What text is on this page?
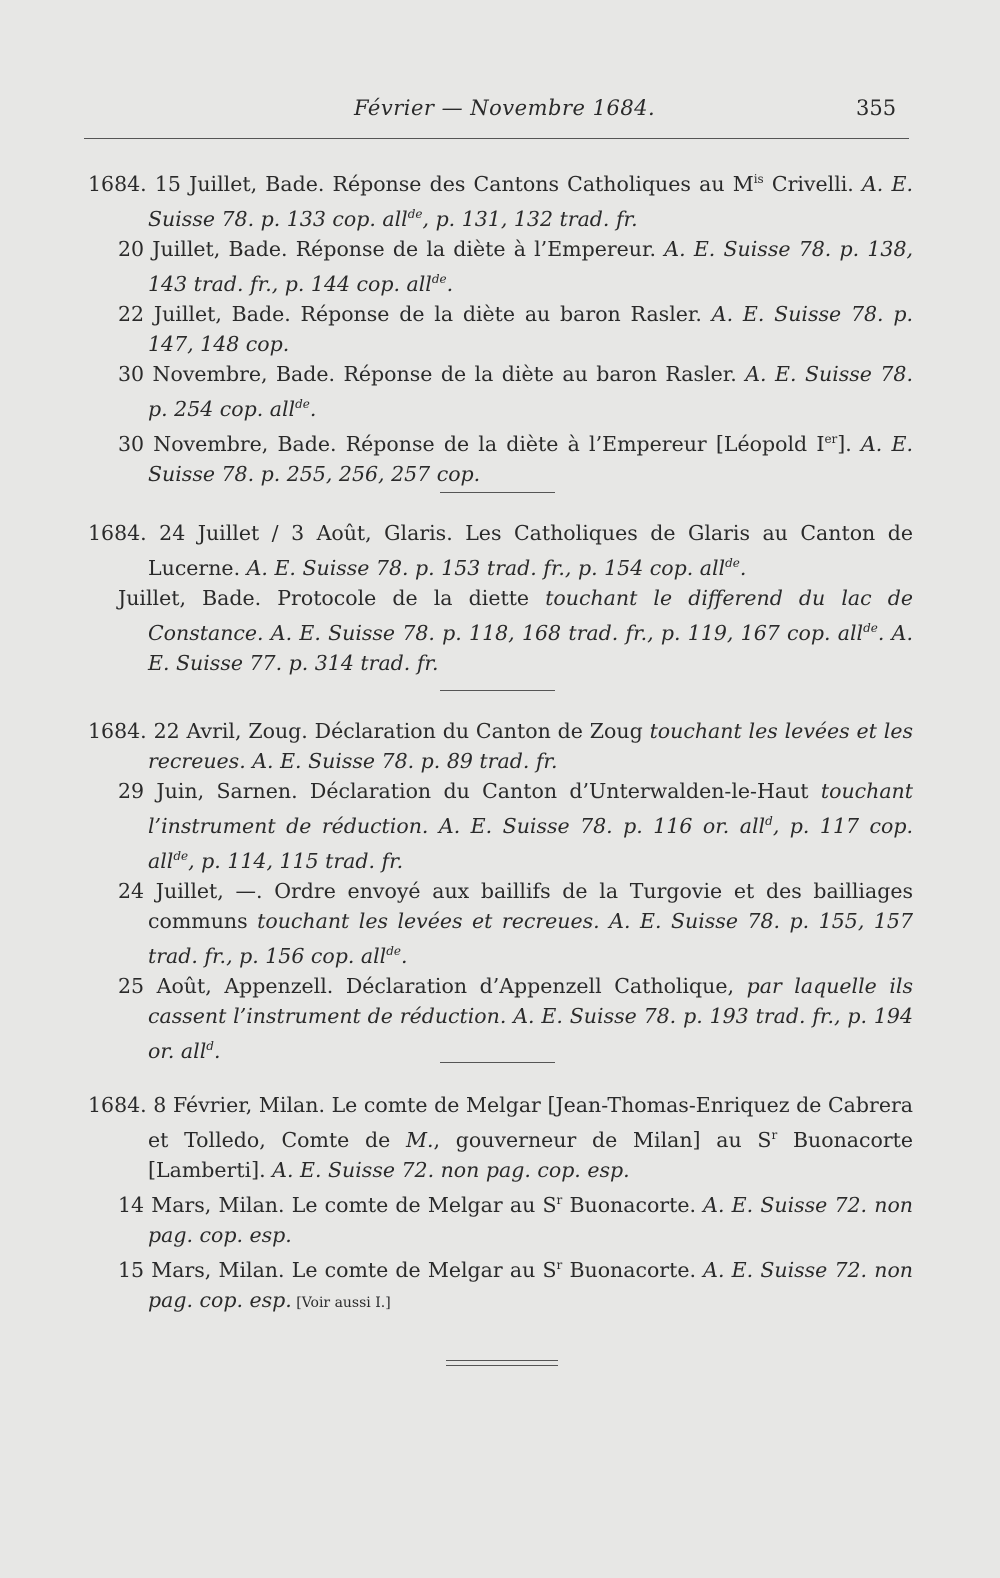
Février — Novembre 1684.	355

1684. 15 Juillet, Bade. Réponse des Cantons Catholiques au $M^{is}$ Crivelli. A. E. Suisse 78. p. 133 cop. all$^{de}$, p. 131, 132 trad. fr.

20 Juillet, Bade. Réponse de la diète à l’Empereur. A. E. Suisse 78. p. 138, 143 trad. fr., p. 144 cop. all$^{de}$.

22 Juillet, Bade. Réponse de la diète au baron Rasler. A. E. Suisse 78. p. 147, 148 cop.

30 Novembre, Bade. Réponse de la diète au baron Rasler. A. E. Suisse 78. p. 254 cop. all$^{de}$.

30 Novembre, Bade. Réponse de la diète à l’Empereur [Léopold Ier]. A. E. Suisse 78. p. 255, 256, 257 cop.

1684. 24 Juillet / 3 Août, Glaris. Les Catholiques de Glaris au Canton de Lucerne. A. E. Suisse 78. p. 153 trad. fr., p. 154 cop. all$^{de}$.

Juillet, Bade. Protocole de la diette touchant le differend du lac de Constance. A. E. Suisse 78. p. 118, 168 trad. fr., p. 119, 167 cop. all$^{de}$. A. E. Suisse 77. p. 314 trad. fr.

1684. 22 Avril, Zoug. Déclaration du Canton de Zoug touchant les levées et les recreues. A. E. Suisse 78. p. 89 trad. fr.

29 Juin, Sarnen. Déclaration du Canton d’Unterwalden-le-Haut touchant l’instrument de réduction. A. E. Suisse 78. p. 116 or. all$^d$, p. 117 cop. all$^{de}$, p. 114, 115 trad. fr.

24 Juillet, —. Ordre envoyé aux baillifs de la Turgovie et des bailliages communs touchant les levées et recreues. A. E. Suisse 78. p. 155, 157 trad. fr., p. 156 cop. all$^{de}$.

25 Août, Appenzell. Déclaration d’Appenzell Catholique, par laquelle ils cassent l’instrument de réduction. A. E. Suisse 78. p. 193 trad. fr., p. 194 or. all$^d$.

1684. 8 Février, Milan. Le comte de Melgar [Jean-Thomas-Enriquez de Cabrera et Tolledo, Comte de M., gouverneur de Milan] au $S^r$ Buonacorte [Lamberti]. A. E. Suisse 72. non pag. cop. esp.

14 Mars, Milan. Le comte de Melgar au $S^r$ Buonacorte. A. E. Suisse 72. non pag. cop. esp.

15 Mars, Milan. Le comte de Melgar au $S^r$ Buonacorte. A. E. Suisse 72. non pag. cop. esp. [Voir aussi I.]
